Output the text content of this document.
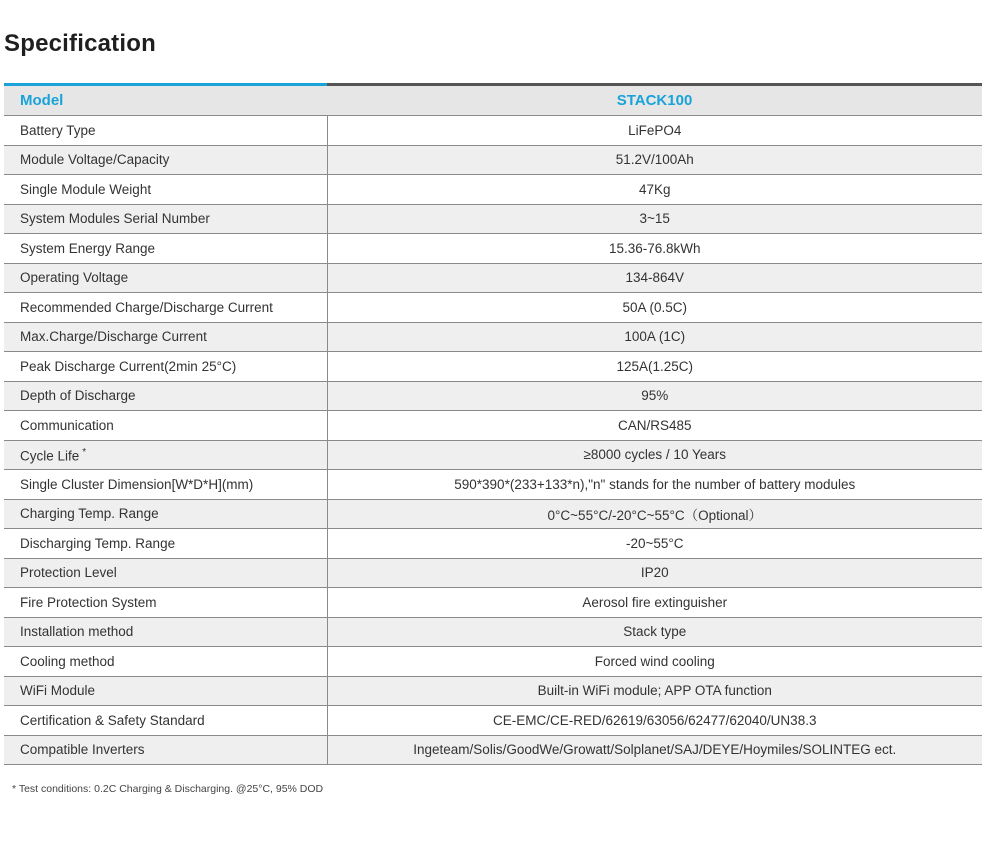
Specification
Model	STACK100
Battery Type	LiFePO4
Module Voltage/Capacity	51.2V/100Ah
Single Module Weight	47Kg
System Modules Serial Number	3~15
System Energy Range	15.36-76.8kWh
Operating Voltage	134-864V
Recommended Charge/Discharge Current	50A (0.5C)
Max.Charge/Discharge Current	100A (1C)
Peak Discharge Current(2min 25°C)	125A(1.25C)
Depth of Discharge	95%
Communication	CAN/RS485
Cycle Life *	≥8000 cycles / 10 Years
Single Cluster Dimension[W*D*H](mm)	590*390*(233+133*n),"n" stands for the number of battery modules
Charging Temp. Range	0°C~55°C/-20°C~55°C（Optional）
Discharging Temp. Range	-20~55°C
Protection Level	IP20
Fire Protection System	Aerosol fire extinguisher
Installation method	Stack type
Cooling method	Forced wind cooling
WiFi Module	Built-in WiFi module; APP OTA function
Certification & Safety Standard	CE-EMC/CE-RED/62619/63056/62477/62040/UN38.3
Compatible Inverters	Ingeteam/Solis/GoodWe/Growatt/Solplanet/SAJ/DEYE/Hoymiles/SOLINTEG ect.
* Test conditions: 0.2C Charging & Discharging. @25°C, 95% DOD
